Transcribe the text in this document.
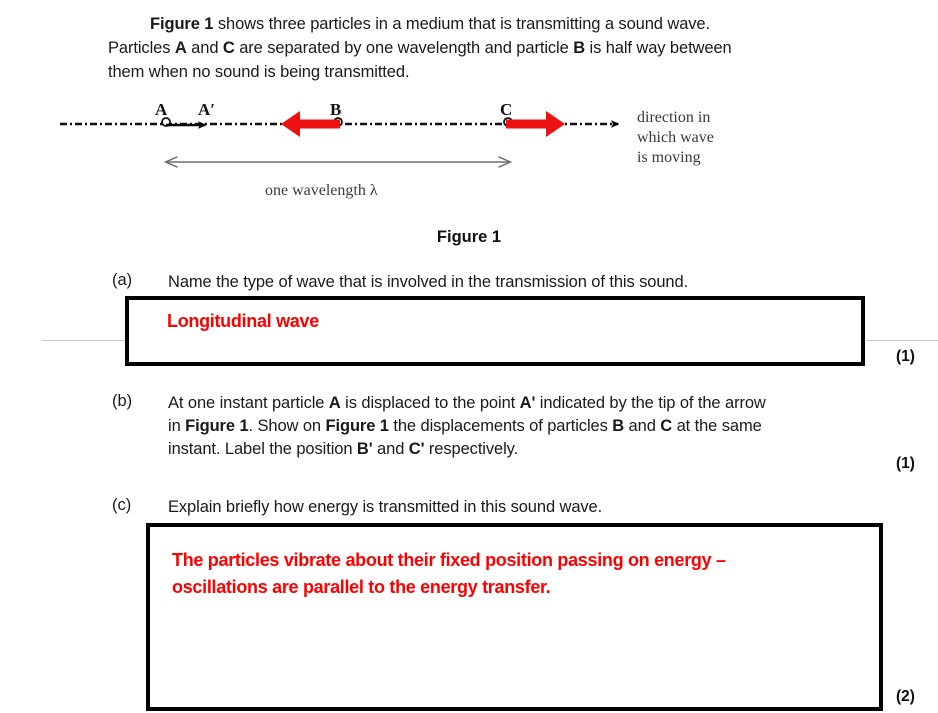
Figure 1 shows three particles in a medium that is transmitting a sound wave.
Particles A and C are separated by one wavelength and particle B is half way between
them when no sound is being transmitted.
A A′	B	C	direction in
which wave
is moving
one wavelength λ
Figure 1
(a) Name the type of wave that is involved in the transmission of this sound.
Longitudinal wave
(1)
(b) At one instant particle A is displaced to the point A' indicated by the tip of the arrow
in Figure 1. Show on Figure 1 the displacements of particles B and C at the same
instant. Label the position B' and C' respectively.
(1)
(c) Explain briefly how energy is transmitted in this sound wave.
The particles vibrate about their fixed position passing on energy –
oscillations are parallel to the energy transfer.
(2)
